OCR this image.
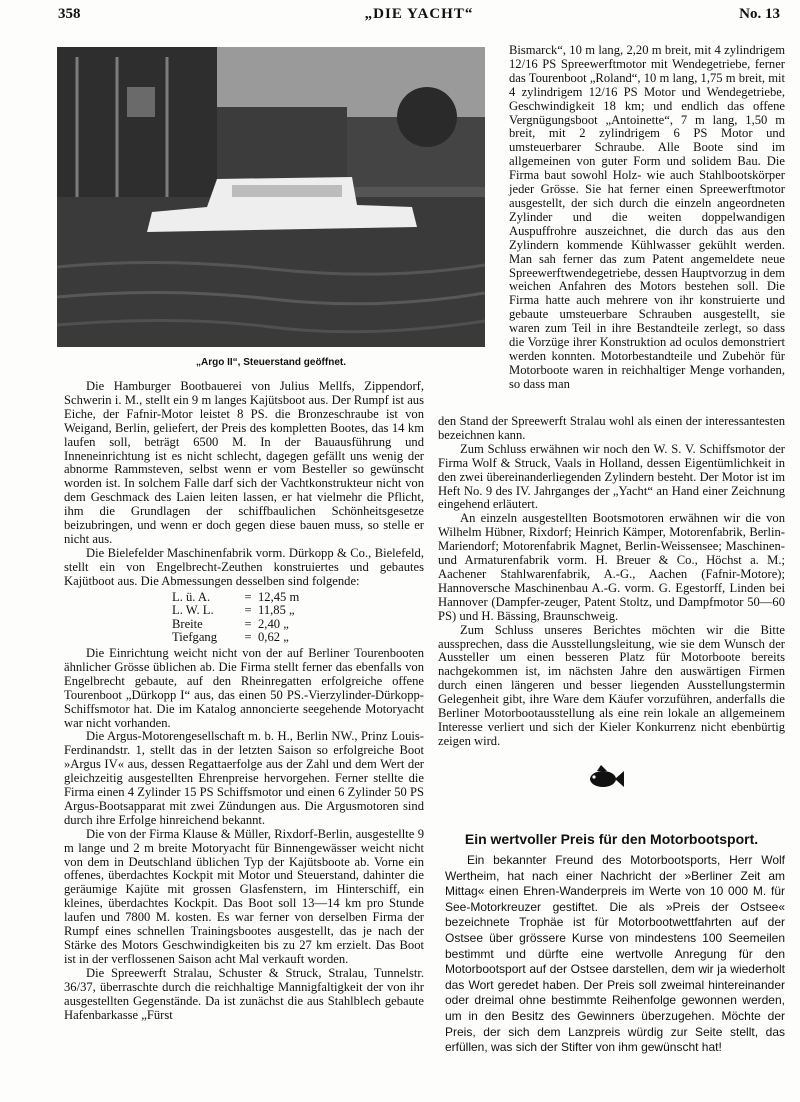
358	„DIE YACHT“	No. 13
„Argo II“, Steuerstand geöffnet.

Die Hamburger Bootbauerei von Julius Mellfs, Zippendorf, Schwerin i. M., stellt ein 9 m langes Kajütsboot aus. Der Rumpf ist aus Eiche, der Fafnir-Motor leistet 8 PS. die Bronzeschraube ist von Weigand, Berlin, geliefert, der Preis des kompletten Bootes, das 14 km laufen soll, beträgt 6500 M. In der Bauausführung und Inneneinrichtung ist es nicht schlecht, dagegen gefällt uns wenig der abnorme Rammsteven, selbst wenn er vom Besteller so gewünscht worden ist. In solchem Falle darf sich der Vachtkonstrukteur nicht von dem Geschmack des Laien leiten lassen, er hat vielmehr die Pflicht, ihm die Grundlagen der schiffbaulichen Schönheitsgesetze beizubringen, und wenn er doch gegen diese bauen muss, so stelle er nicht aus.

Die Bielefelder Maschinenfabrik vorm. Dürkopp & Co., Bielefeld, stellt ein von Engelbrecht-Zeuthen konstruiertes und gebautes Kajütboot aus. Die Abmessungen desselben sind folgende:

L. ü. A.	=	12,45 m
L. W. L.	=	11,85 „
Breite	=	2,40 „
Tiefgang	=	0,62 „

Die Einrichtung weicht nicht von der auf Berliner Tourenbooten ähnlicher Grösse üblichen ab. Die Firma stellt ferner das ebenfalls von Engelbrecht gebaute, auf den Rheinregatten erfolgreiche offene Tourenboot „Dürkopp I“ aus, das einen 50 PS.-Vierzylinder-Dürkopp-Schiffsmotor hat. Die im Katalog annoncierte seegehende Motoryacht war nicht vorhanden.

Die Argus-Motorengesellschaft m. b. H., Berlin NW., Prinz Louis-Ferdinandstr. 1, stellt das in der letzten Saison so erfolgreiche Boot »Argus IV« aus, dessen Regattaerfolge aus der Zahl und dem Wert der gleichzeitig ausgestellten Ehrenpreise hervorgehen. Ferner stellte die Firma einen 4 Zylinder 15 PS Schiffsmotor und einen 6 Zylinder 50 PS Argus-Bootsapparat mit zwei Zündungen aus. Die Argusmotoren sind durch ihre Erfolge hinreichend bekannt.

Die von der Firma Klause & Müller, Rixdorf-Berlin, ausgestellte 9 m lange und 2 m breite Motoryacht für Binnengewässer weicht nicht von dem in Deutschland üblichen Typ der Kajütsboote ab. Vorne ein offenes, überdachtes Kockpit mit Motor und Steuerstand, dahinter die geräumige Kajüte mit grossen Glasfenstern, im Hinterschiff, ein kleines, überdachtes Kockpit. Das Boot soll 13—14 km pro Stunde laufen und 7800 M. kosten. Es war ferner von derselben Firma der Rumpf eines schnellen Trainingsbootes ausgestellt, das je nach der Stärke des Motors Geschwindigkeiten bis zu 27 km erzielt. Das Boot ist in der verflossenen Saison acht Mal verkauft worden.

Die Spreewerft Stralau, Schuster & Struck, Stralau, Tunnelstr. 36/37, überraschte durch die reichhaltige Mannigfaltigkeit der von ihr ausgestellten Gegenstände. Da ist zunächst die aus Stahlblech gebaute Hafenbarkasse „Fürst

Bismarck“, 10 m lang, 2,20 m breit, mit 4 zylindrigem 12/16 PS Spreewerftmotor mit Wendegetriebe, ferner das Tourenboot „Roland“, 10 m lang, 1,75 m breit, mit 4 zylindrigem 12/16 PS Motor und Wendegetriebe, Geschwindigkeit 18 km; und endlich das offene Vergnügungsboot „Antoinette“, 7 m lang, 1,50 m breit, mit 2 zylindrigem 6 PS Motor und umsteuerbarer Schraube. Alle Boote sind im allgemeinen von guter Form und solidem Bau. Die Firma baut sowohl Holz- wie auch Stahlbootskörper jeder Grösse. Sie hat ferner einen Spreewerftmotor ausgestellt, der sich durch die einzeln angeordneten Zylinder und die weiten doppelwandigen Auspuffrohre auszeichnet, die durch das aus den Zylindern kommende Kühlwasser gekühlt werden. Man sah ferner das zum Patent angemeldete neue Spreewerftwendegetriebe, dessen Hauptvorzug in dem weichen Anfahren des Motors bestehen soll. Die Firma hatte auch mehrere von ihr konstruierte und gebaute umsteuerbare Schrauben ausgestellt, sie waren zum Teil in ihre Bestandteile zerlegt, so dass die Vorzüge ihrer Konstruktion ad oculos demonstriert werden konnten. Motorbestandteile und Zubehör für Motorboote waren in reichhaltiger Menge vorhanden, so dass man

den Stand der Spreewerft Stralau wohl als einen der interessantesten bezeichnen kann.

Zum Schluss erwähnen wir noch den W. S. V. Schiffsmotor der Firma Wolf & Struck, Vaals in Holland, dessen Eigentümlichkeit in den zwei übereinanderliegenden Zylindern besteht. Der Motor ist im Heft No. 9 des IV. Jahrganges der „Yacht“ an Hand einer Zeichnung eingehend erläutert.

An einzeln ausgestellten Bootsmotoren erwähnen wir die von Wilhelm Hübner, Rixdorf; Heinrich Kämper, Motorenfabrik, Berlin-Mariendorf; Motorenfabrik Magnet, Berlin-Weissensee; Maschinen- und Armaturenfabrik vorm. H. Breuer & Co., Höchst a. M.; Aachener Stahlwarenfabrik, A.-G., Aachen (Fafnir-Motore); Hannoversche Maschinenbau A.-G. vorm. G. Egestorff, Linden bei Hannover (Dampfer-zeuger, Patent Stoltz, und Dampfmotor 50—60 PS) und H. Bässing, Braunschweig.

Zum Schluss unseres Berichtes möchten wir die Bitte aussprechen, dass die Ausstellungsleitung, wie sie dem Wunsch der Aussteller um einen besseren Platz für Motorboote bereits nachgekommen ist, im nächsten Jahre den auswärtigen Firmen durch einen längeren und besser liegenden Ausstellungstermin Gelegenheit gibt, ihre Ware dem Käufer vorzuführen, anderfalls die Berliner Motorbootausstellung als eine rein lokale an allgemeinem Interesse verliert und sich der Kieler Konkurrenz nicht ebenbürtig zeigen wird.

Ein wertvoller Preis für den Motorbootsport.

Ein bekannter Freund des Motorbootsports, Herr Wolf Wertheim, hat nach einer Nachricht der »Berliner Zeit am Mittag« einen Ehren-Wanderpreis im Werte von 10 000 M. für See-Motorkreuzer gestiftet. Die als »Preis der Ostsee« bezeichnete Trophäe ist für Motorbootwettfahrten auf der Ostsee über grössere Kurse von mindestens 100 Seemeilen bestimmt und dürfte eine wertvolle Anregung für den Motorbootsport auf der Ostsee darstellen, dem wir ja wiederholt das Wort geredet haben. Der Preis soll zweimal hintereinander oder dreimal ohne bestimmte Reihenfolge gewonnen werden, um in den Besitz des Gewinners überzugehen. Möchte der Preis, der sich dem Lanzpreis würdig zur Seite stellt, das erfüllen, was sich der Stifter von ihm gewünscht hat!
